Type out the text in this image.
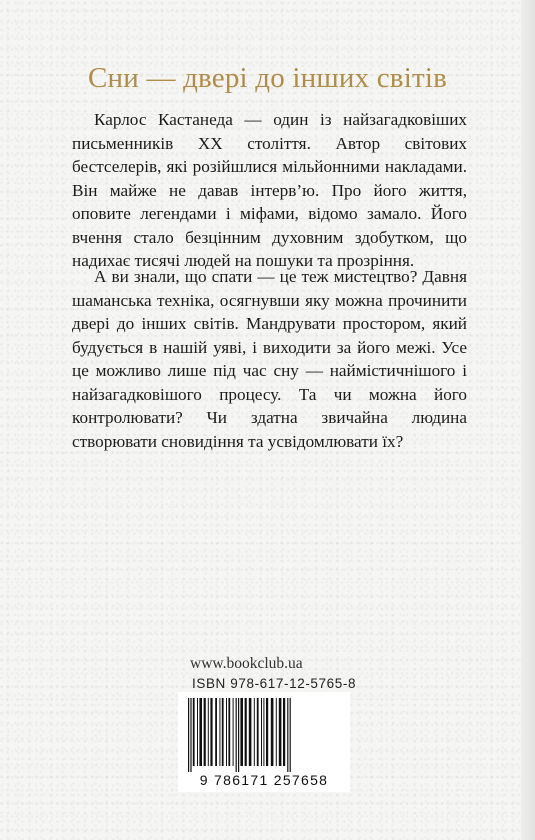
Сни — двері до інших світів

Карлос Кастанеда — один із найзагадковіших письменників XX століття. Автор світових бестселерів, які розійшлися мільйонними накладами. Він майже не давав інтерв’ю. Про його життя, оповите легендами і міфами, відомо замало. Його вчення стало безцінним духовним здобутком, що надихає тисячі людей на пошуки та прозріння.

А ви знали, що спати — це теж мистецтво? Давня шаманська техніка, осягнувши яку можна прочинити двері до інших світів. Мандрувати простором, який будується в нашій уяві, і виходити за його межі. Усе це можливо лише під час сну — наймістичнішого і найзагадковішого процесу. Та чи можна його контролювати? Чи здатна звичайна людина створювати сновидіння та усвідомлювати їх?

www.bookclub.ua
ISBN 978-617-12-5765-8
9 786171 257658
